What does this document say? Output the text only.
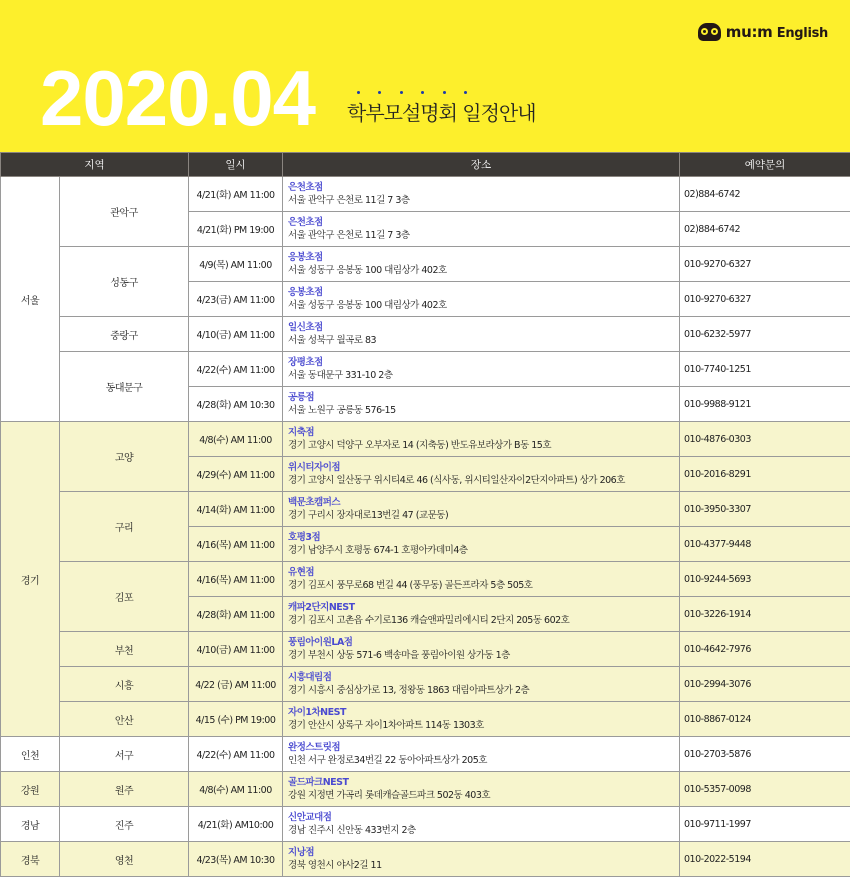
mu:m English
2020.04 학부모설명회 일정안내
지역		일시	장소	예약문의
서울	관악구	4/21(화) AM 11:00	은천초점
서울 관악구 은천로 11길 7 3층	02)884-6742
		4/21(화) PM 19:00	은천초점
서울 관악구 은천로 11길 7 3층	02)884-6742
	성동구	4/9(목) AM 11:00	응봉초점
서울 성동구 응봉동 100 대림상가 402호	010-9270-6327
		4/23(금) AM 11:00	응봉초점
서울 성동구 응봉동 100 대림상가 402호	010-9270-6327
	중랑구	4/10(금) AM 11:00	일신초점
서울 성북구 월곡로 83	010-6232-5977
	동대문구	4/22(수) AM 11:00	장평초점
서울 동대문구 331-10 2층	010-7740-1251
		4/28(화) AM 10:30	공릉점
서울 노원구 공릉동 576-15	010-9988-9121
경기	고양	4/8(수) AM 11:00	지축점
경기 고양시 덕양구 오부자로 14 (지축동) 반도유보라상가 B동 15호	010-4876-0303
		4/29(수) AM 11:00	위시티자이점
경기 고양시 일산동구 위시티4로 46 (식사동, 위시티일산자이2단지아파트) 상가 206호	010-2016-8291
	구리	4/14(화) AM 11:00	백문초캠퍼스
경기 구리시 장자대로13번길 47 (교문동)	010-3950-3307
		4/16(목) AM 11:00	호평3점
경기 남양주시 호평동 674-1 호평아카데미4층	010-4377-9448
	김포	4/16(목) AM 11:00	유현점
경기 김포시 풍무로68 번길 44 (풍무동) 골든프라자 5층 505호	010-9244-5693
		4/28(화) AM 11:00	캐파2단지NEST
경기 김포시 고촌읍 수기로136 캐슬앤파밀리에시티 2단지 205동 602호	010-3226-1914
	부천	4/10(금) AM 11:00	풍림아이원LA점
경기 부천시 상동 571-6 백송마을 풍림아이원 상가동 1층	010-4642-7976
	시흥	4/22 (금) AM 11:00	시흥대림점
경기 시흥시 중심상가로 13, 정왕동 1863 대림아파트상가 2층	010-2994-3076
	안산	4/15 (수) PM 19:00	자이1차NEST
경기 안산시 상록구 자이1차아파트 114동 1303호	010-8867-0124
인천	서구	4/22(수) AM 11:00	완정스트릿점
인천 서구 완정로34번길 22 동아아파트상가 205호	010-2703-5876
강원	원주	4/8(수) AM 11:00	골드파크NEST
강원 지정면 가곡리 롯데캐슬골드파크 502동 403호	010-5357-0098
경남	진주	4/21(화) AM10:00	신안교대점
경남 진주시 신안동 433번지 2층	010-9711-1997
경북	영천	4/23(목) AM 10:30	지낭점
경북 영천시 야사2길 11	010-2022-5194
